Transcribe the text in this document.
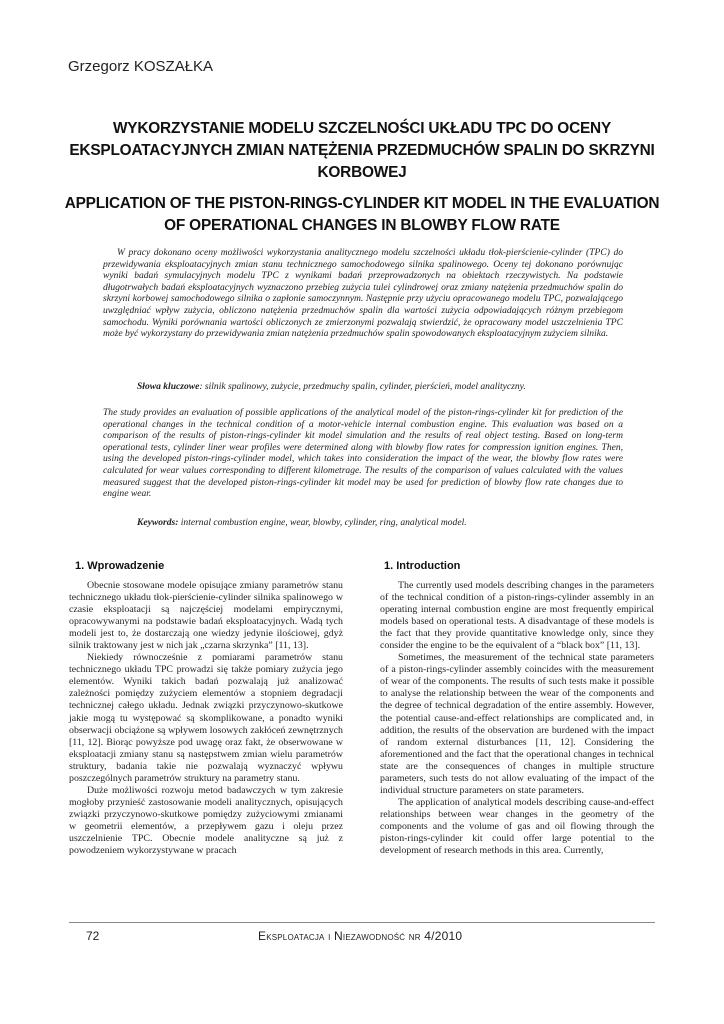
Grzegorz KOSZAŁKA
WYKORZYSTANIE MODELU SZCZELNOŚCI UKŁADU TPC DO OCENY EKSPLOATACYJNYCH ZMIAN NATĘŻENIA PRZEDMUCHÓW SPALIN DO SKRZYNI KORBOWEJ
APPLICATION OF THE PISTON-RINGS-CYLINDER KIT MODEL IN THE EVALUATION OF OPERATIONAL CHANGES IN BLOWBY FLOW RATE
W pracy dokonano oceny możliwości wykorzystania analitycznego modelu szczelności układu tłok-pierścienie-cylinder (TPC) do przewidywania eksploatacyjnych zmian stanu technicznego samochodowego silnika spalinowego. Oceny tej dokonano porównując wyniki badań symulacyjnych modelu TPC z wynikami badań przeprowadzonych na obiektach rzeczywistych. Na podstawie długotrwałych badań eksploatacyjnych wyznaczono przebieg zużycia tulei cylindrowej oraz zmiany natężenia przedmuchów spalin do skrzyni korbowej samochodowego silnika o zapłonie samoczynnym. Następnie przy użyciu opracowanego modelu TPC, pozwalającego uwzględniać wpływ zużycia, obliczono natężenia przedmuchów spalin dla wartości zużycia odpowiadających różnym przebiegom samochodu. Wyniki porównania wartości obliczonych ze zmierzonymi pozwalają stwierdzić, że opracowany model uszczelnienia TPC może być wykorzystany do przewidywania zmian natężenia przedmuchów spalin spowodowanych eksploatacyjnym zużyciem silnika.
Słowa kluczowe: silnik spalinowy, zużycie, przedmuchy spalin, cylinder, pierścień, model analityczny.
The study provides an evaluation of possible applications of the analytical model of the piston-rings-cylinder kit for prediction of the operational changes in the technical condition of a motor-vehicle internal combustion engine. This evaluation was based on a comparison of the results of piston-rings-cylinder kit model simulation and the results of real object testing. Based on long-term operational tests, cylinder liner wear profiles were determined along with blowby flow rates for compression ignition engines. Then, using the developed piston-rings-cylinder model, which takes into consideration the impact of the wear, the blowby flow rates were calculated for wear values corresponding to different kilometrage. The results of the comparison of values calculated with the values measured suggest that the developed piston-rings-cylinder kit model may be used for prediction of blowby flow rate changes due to engine wear.
Keywords: internal combustion engine, wear, blowby, cylinder, ring, analytical model.
1. Wprowadzenie	1. Introduction

Obecnie stosowane modele opisujące zmiany parametrów stanu technicznego układu tłok-pierścienie-cylinder silnika spalinowego w czasie eksploatacji są najczęściej modelami empirycznymi, opracowywanymi na podstawie badań eksploatacyjnych. Wadą tych modeli jest to, że dostarczają one wiedzy jedynie ilościowej, gdyż silnik traktowany jest w nich jak „czarna skrzynka” [11, 13].

Niekiedy równocześnie z pomiarami parametrów stanu technicznego układu TPC prowadzi się także pomiary zużycia jego elementów. Wyniki takich badań pozwalają już analizować zależności pomiędzy zużyciem elementów a stopniem degradacji technicznej całego układu. Jednak związki przyczynowo-skutkowe jakie mogą tu występować są skomplikowane, a ponadto wyniki obserwacji obciążone są wpływem losowych zakłóceń zewnętrznych [11, 12]. Biorąc powyższe pod uwagę oraz fakt, że obserwowane w eksploatacji zmiany stanu są następstwem zmian wielu parametrów struktury, badania takie nie pozwalają wyznaczyć wpływu poszczególnych parametrów struktury na parametry stanu.

Duże możliwości rozwoju metod badawczych w tym zakresie mogłoby przynieść zastosowanie modeli analitycznych, opisujących związki przyczynowo-skutkowe pomiędzy zużyciowymi zmianami w geometrii elementów, a przepływem gazu i oleju przez uszczelnienie TPC. Obecnie modele analityczne są już z powodzeniem wykorzystywane w pracach

The currently used models describing changes in the parameters of the technical condition of a piston-rings-cylinder assembly in an operating internal combustion engine are most frequently empirical models based on operational tests. A disadvantage of these models is the fact that they provide quantitative knowledge only, since they consider the engine to be the equivalent of a “black box” [11, 13].

Sometimes, the measurement of the technical state parameters of a piston-rings-cylinder assembly coincides with the measurement of wear of the components. The results of such tests make it possible to analyse the relationship between the wear of the components and the degree of technical degradation of the entire assembly. However, the potential cause-and-effect relationships are complicated and, in addition, the results of the observation are burdened with the impact of random external disturbances [11, 12]. Considering the aforementioned and the fact that the operational changes in technical state are the consequences of changes in multiple structure parameters, such tests do not allow evaluating of the impact of the individual structure parameters on state parameters.

The application of analytical models describing cause-and-effect relationships between wear changes in the geometry of the components and the volume of gas and oil flowing through the piston-rings-cylinder kit could offer large potential to the development of research methods in this area. Currently,

72	Eksploatacja i Niezawodność nr 4/2010
